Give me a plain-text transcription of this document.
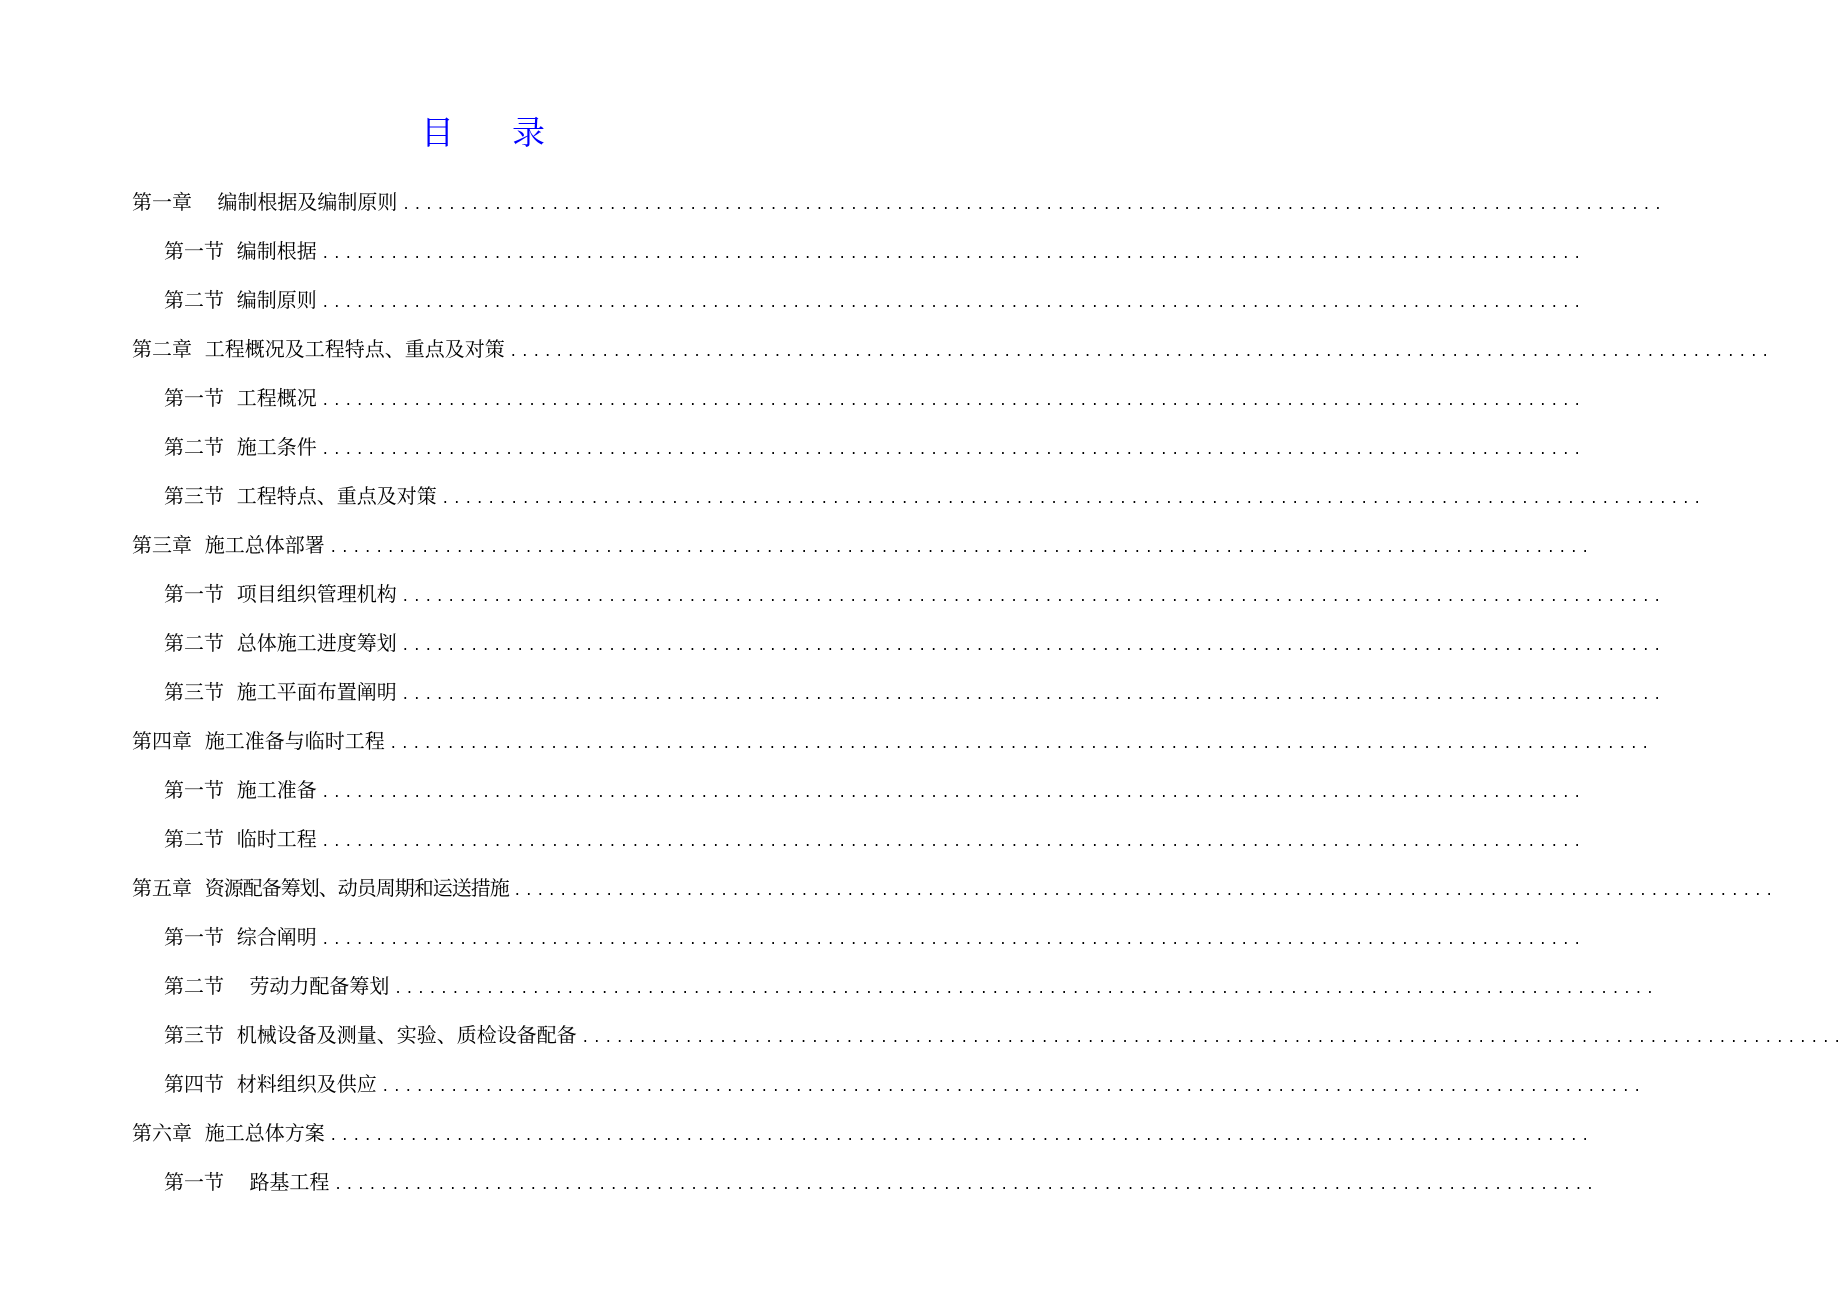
目 录
第一章
编制根据及编制原则 ..............................................................................................................
第一节
编制根据 ..............................................................................................................
第二节
编制原则 ..............................................................................................................
第二章
工程概况及工程特点、重点及对策 ..............................................................................................................
第一节
工程概况 ..............................................................................................................
第二节
施工条件 ..............................................................................................................
第三节
工程特点、重点及对策 ..............................................................................................................
第三章
施工总体部署 ..............................................................................................................
第一节
项目组织管理机构 ..............................................................................................................
第二节
总体施工进度筹划 ..............................................................................................................
第三节
施工平面布置阐明 ..............................................................................................................
第四章
施工准备与临时工程 ..............................................................................................................
第一节
施工准备 ..............................................................................................................
第二节
临时工程 ..............................................................................................................
第五章
资源配备筹划、动员周期和运送措施 ..............................................................................................................
第一节
综合阐明 ..............................................................................................................
第二节
劳动力配备筹划 ..............................................................................................................
第三节
机械设备及测量、实验、质检设备配备 ..............................................................................................................
第四节
材料组织及供应 ..............................................................................................................
第六章
施工总体方案 ..............................................................................................................
第一节
路基工程 ..............................................................................................................
